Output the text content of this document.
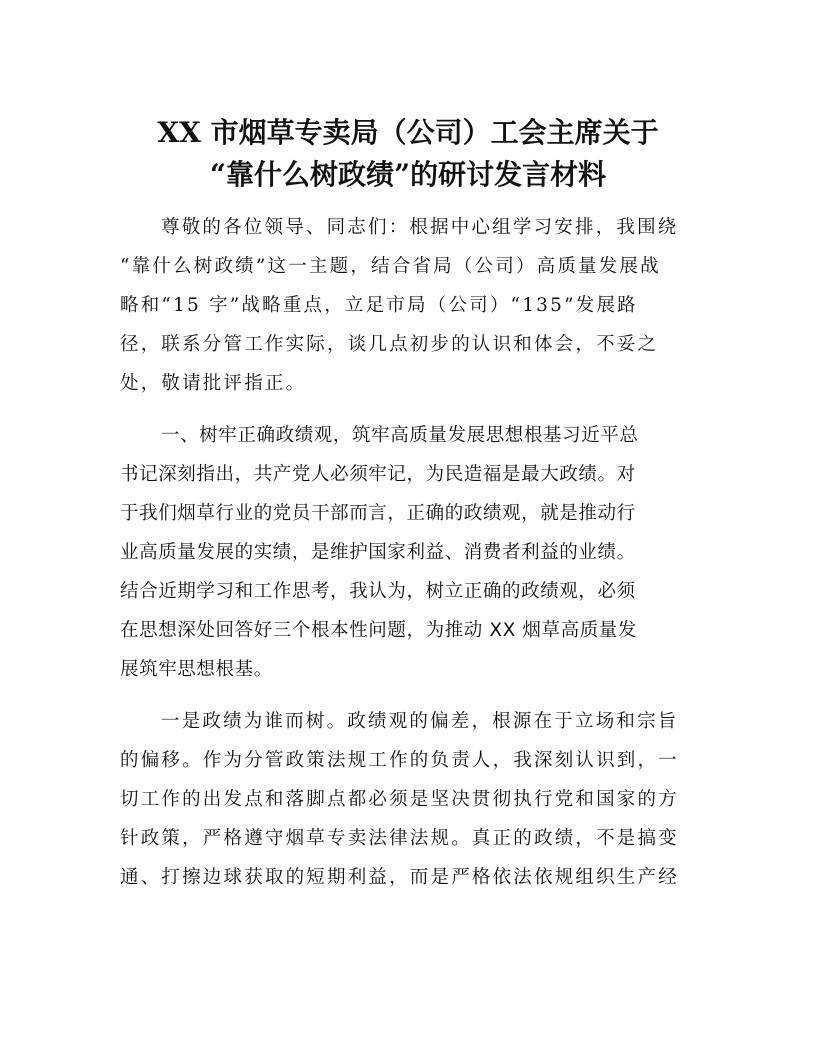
XX 市烟草专卖局（公司）工会主席关于
“靠什么树政绩”的研讨发言材料
尊敬的各位领导、同志们：根据中心组学习安排，我围绕
“靠什么树政绩”这一主题，结合省局（公司）高质量发展战
略和“15 字”战略重点，立足市局（公司）“135”发展路
径，联系分管工作实际，谈几点初步的认识和体会，不妥之
处，敬请批评指正。
一、树牢正确政绩观，筑牢高质量发展思想根基习近平总
书记深刻指出，共产党人必须牢记，为民造福是最大政绩。对
于我们烟草行业的党员干部而言，正确的政绩观，就是推动行
业高质量发展的实绩，是维护国家利益、消费者利益的业绩。
结合近期学习和工作思考，我认为，树立正确的政绩观，必须
在思想深处回答好三个根本性问题，为推动 XX 烟草高质量发
展筑牢思想根基。
一是政绩为谁而树。政绩观的偏差，根源在于立场和宗旨
的偏移。作为分管政策法规工作的负责人，我深刻认识到，一
切工作的出发点和落脚点都必须是坚决贯彻执行党和国家的方
针政策，严格遵守烟草专卖法律法规。真正的政绩，不是搞变
通、打擦边球获取的短期利益，而是严格依法依规组织生产经
